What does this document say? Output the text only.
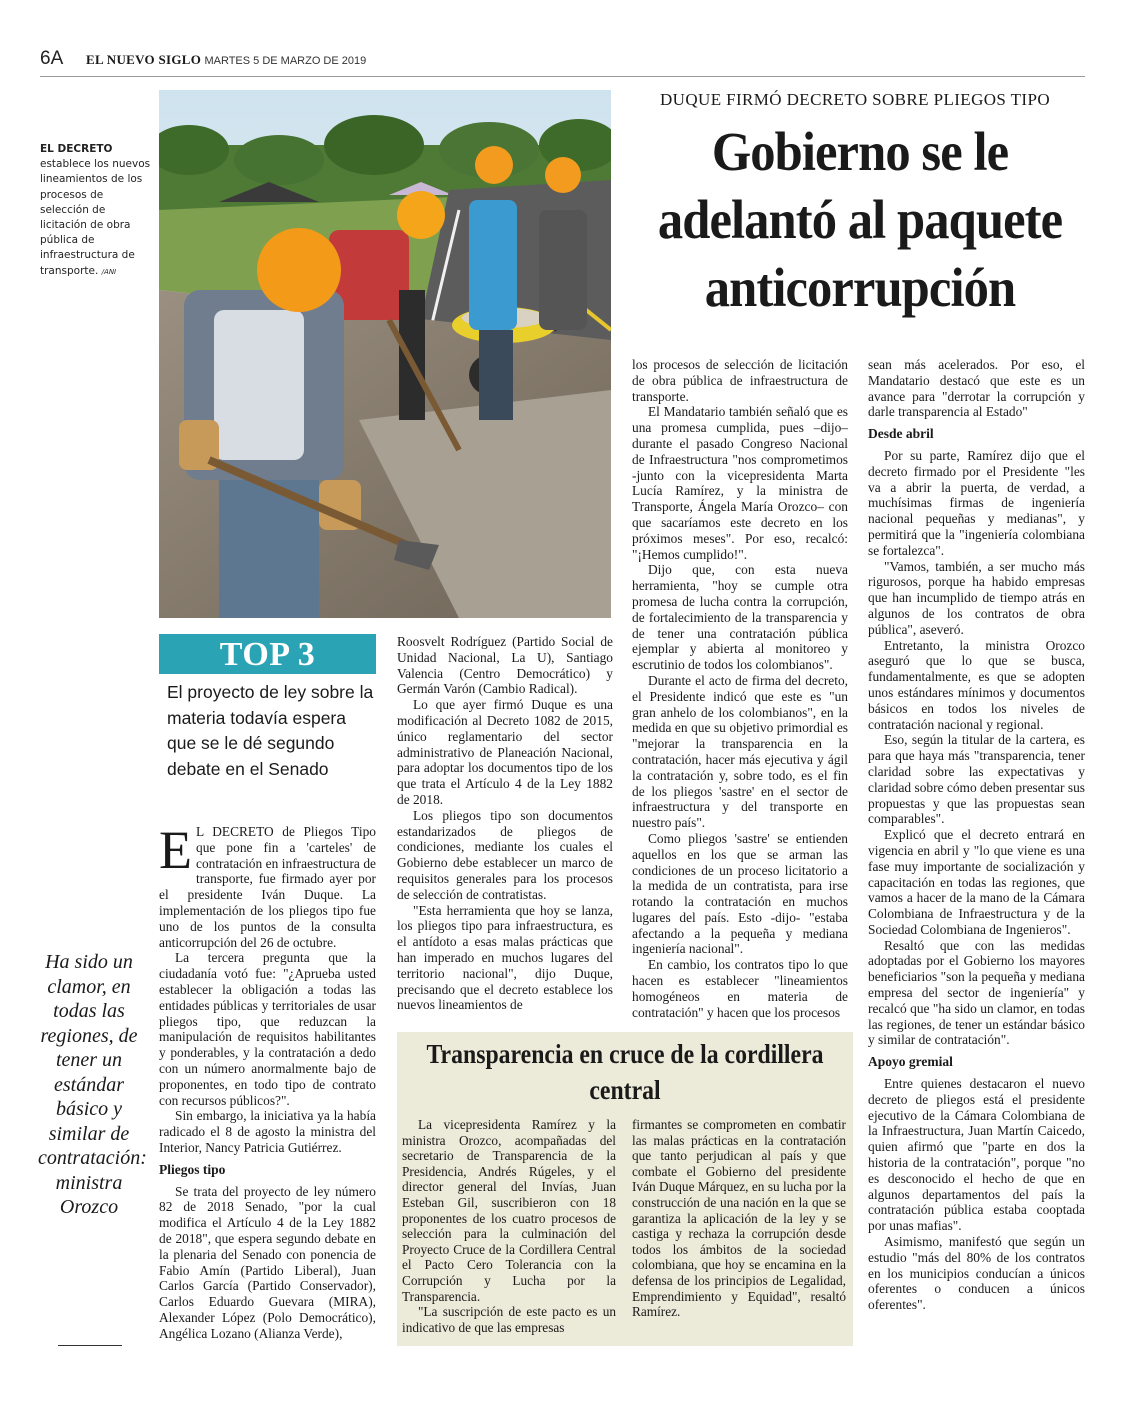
6A EL NUEVO SIGLO MARTES 5 DE MARZO DE 2019
EL DECRETO
establece los nuevos lineamientos de los procesos de selección de licitación de obra pública de infraestructura de transporte. /ANI
DUQUE FIRMÓ DECRETO SOBRE PLIEGOS TIPO
Gobierno se le adelantó al paquete anticorrupción
TOP 3
El proyecto de ley sobre la materia todavía espera que se le dé segundo debate en el Senado

E L DECRETO de Pliegos Tipo que pone fin a 'carteles' de contratación en infraestructura de transporte, fue firmado ayer por el presidente Iván Duque. La implementación de los pliegos tipo fue uno de los puntos de la consulta anticorrupción del 26 de octubre.

La tercera pregunta que la ciudadanía votó fue: "¿Aprueba usted establecer la obligación a todas las entidades públicas y territoriales de usar pliegos tipo, que reduzcan la manipulación de requisitos habilitantes y ponderables, y la contratación a dedo con un número anormalmente bajo de proponentes, en todo tipo de contrato con recursos públicos?".

Sin embargo, la iniciativa ya la había radicado el 8 de agosto la ministra del Interior, Nancy Patricia Gutiérrez.

Pliegos tipo

Se trata del proyecto de ley número 82 de 2018 Senado, "por la cual modifica el Artículo 4 de la Ley 1882 de 2018", que espera segundo debate en la plenaria del Senado con ponencia de Fabio Amín (Partido Liberal), Juan Carlos García (Partido Conservador), Carlos Eduardo Guevara (MIRA), Alexander López (Polo Democrático), Angélica Lozano (Alianza Verde),

Roosvelt Rodríguez (Partido Social de Unidad Nacional, La U), Santiago Valencia (Centro Democrático) y Germán Varón (Cambio Radical).

Lo que ayer firmó Duque es una modificación al Decreto 1082 de 2015, único reglamentario del sector administrativo de Planeación Nacional, para adoptar los documentos tipo de los que trata el Artículo 4 de la Ley 1882 de 2018.

Los pliegos tipo son documentos estandarizados de pliegos de condiciones, mediante los cuales el Gobierno debe establecer un marco de requisitos generales para los procesos de selección de contratistas.

"Esta herramienta que hoy se lanza, los pliegos tipo para infraestructura, es el antídoto a esas malas prácticas que han imperado en muchos lugares del territorio nacional", dijo Duque, precisando que el decreto establece los nuevos lineamientos de

los procesos de selección de licitación de obra pública de infraestructura de transporte.

El Mandatario también señaló que es una promesa cumplida, pues –dijo– durante el pasado Congreso Nacional de Infraestructura "nos comprometimos -junto con la vicepresidenta Marta Lucía Ramírez, y la ministra de Transporte, Ángela María Orozco– con que sacaríamos este decreto en los próximos meses". Por eso, recalcó: "¡Hemos cumplido!".

Dijo que, con esta nueva herramienta, "hoy se cumple otra promesa de lucha contra la corrupción, de fortalecimiento de la transparencia y de tener una contratación pública ejemplar y abierta al monitoreo y escrutinio de todos los colombianos".

Durante el acto de firma del decreto, el Presidente indicó que este es "un gran anhelo de los colombianos", en la medida en que su objetivo primordial es "mejorar la transparencia en la contratación, hacer más ejecutiva y ágil la contratación y, sobre todo, es el fin de los pliegos 'sastre' en el sector de infraestructura y del transporte en nuestro país".

Como pliegos 'sastre' se entienden aquellos en los que se arman las condiciones de un proceso licitatorio a la medida de un contratista, para irse rotando la contratación en muchos lugares del país. Esto -dijo- "estaba afectando a la pequeña y mediana ingeniería nacional".

En cambio, los contratos tipo lo que hacen es establecer "lineamientos homogéneos en materia de contratación" y hacen que los procesos

sean más acelerados. Por eso, el Mandatario destacó que este es un avance para "derrotar la corrupción y darle transparencia al Estado"

Desde abril

Por su parte, Ramírez dijo que el decreto firmado por el Presidente "les va a abrir la puerta, de verdad, a muchísimas firmas de ingeniería nacional pequeñas y medianas", y permitirá que la "ingeniería colombiana se fortalezca".

"Vamos, también, a ser mucho más rigurosos, porque ha habido empresas que han incumplido de tiempo atrás en algunos de los contratos de obra pública", aseveró.

Entretanto, la ministra Orozco aseguró que lo que se busca, fundamentalmente, es que se adopten unos estándares mínimos y documentos básicos en todos los niveles de contratación nacional y regional.

Eso, según la titular de la cartera, es para que haya más "transparencia, tener claridad sobre las expectativas y claridad sobre cómo deben presentar sus propuestas y que las propuestas sean comparables".

Explicó que el decreto entrará en vigencia en abril y "lo que viene es una fase muy importante de socialización y capacitación en todas las regiones, que vamos a hacer de la mano de la Cámara Colombiana de Infraestructura y de la Sociedad Colombiana de Ingenieros".

Resaltó que con las medidas adoptadas por el Gobierno los mayores beneficiarios "son la pequeña y mediana empresa del sector de ingeniería" y recalcó que "ha sido un clamor, en todas las regiones, de tener un estándar básico y similar de contratación".

Apoyo gremial

Entre quienes destacaron el nuevo decreto de pliegos está el presidente ejecutivo de la Cámara Colombiana de la Infraestructura, Juan Martín Caicedo, quien afirmó que "parte en dos la historia de la contratación", porque "no es desconocido el hecho de que en algunos departamentos del país la contratación pública estaba cooptada por unas mafias".

Asimismo, manifestó que según un estudio "más del 80% de los contratos en los municipios conducían a únicos oferentes o conducen a únicos oferentes".

Ha sido un clamor, en todas las regiones, de tener un estándar básico y similar de contratación: ministra Orozco
Transparencia en cruce de la cordillera central

La vicepresidenta Ramírez y la ministra Orozco, acompañadas del secretario de Transparencia de la Presidencia, Andrés Rúgeles, y el director general del Invías, Juan Esteban Gil, suscribieron con 18 proponentes de los cuatro procesos de selección para la culminación del Proyecto Cruce de la Cordillera Central el Pacto Cero Tolerancia con la Corrupción y Lucha por la Transparencia.

"La suscripción de este pacto es un indicativo de que las empresas

firmantes se comprometen en combatir las malas prácticas en la contratación que tanto perjudican al país y que combate el Gobierno del presidente Iván Duque Márquez, en su lucha por la construcción de una nación en la que se garantiza la aplicación de la ley y se castiga y rechaza la corrupción desde todos los ámbitos de la sociedad colombiana, que hoy se encamina en la defensa de los principios de Legalidad, Emprendimiento y Equidad", resaltó Ramírez.
